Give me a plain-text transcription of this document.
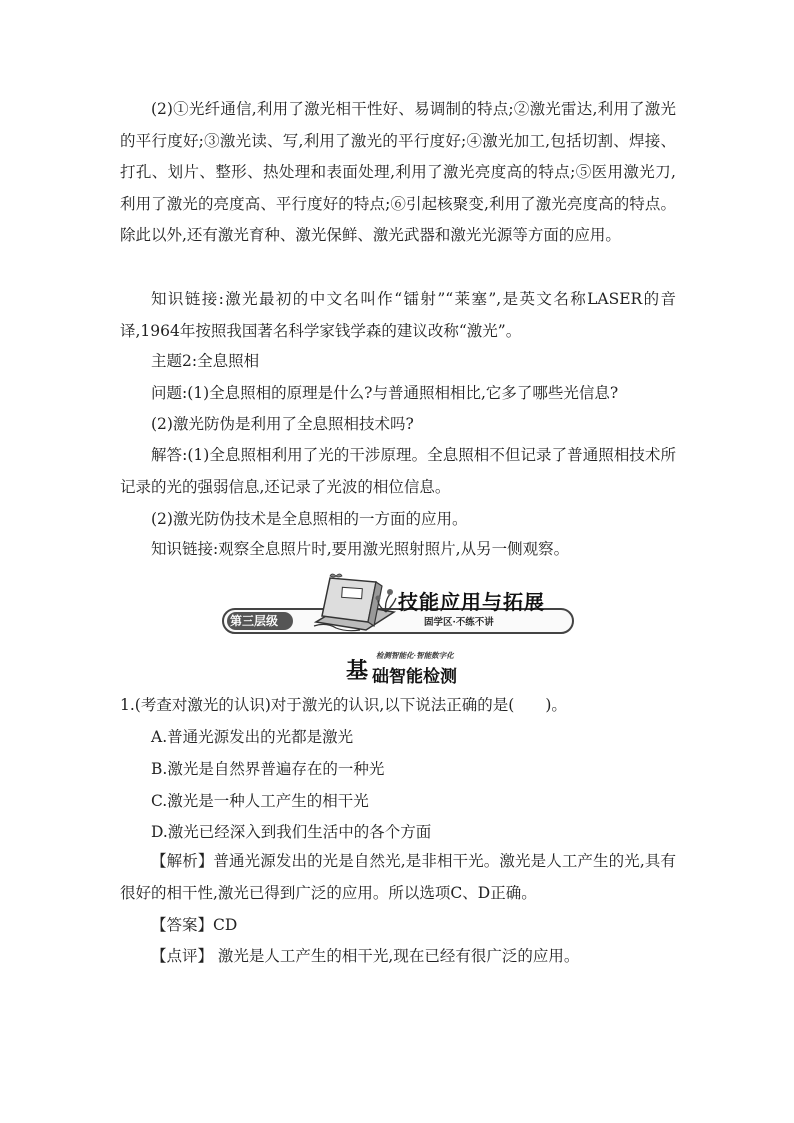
(2)①光纤通信,利用了激光相干性好、易调制的特点;②激光雷达,利用了激光的平行度好;③激光读、写,利用了激光的平行度好;④激光加工,包括切割、焊接、打孔、划片、整形、热处理和表面处理,利用了激光亮度高的特点;⑤医用激光刀,利用了激光的亮度高、平行度好的特点;⑥引起核聚变,利用了激光亮度高的特点。除此以外,还有激光育种、激光保鲜、激光武器和激光光源等方面的应用。

知识链接:激光最初的中文名叫作“镭射”“莱塞”,是英文名称LASER的音译,1964年按照我国著名科学家钱学森的建议改称“激光”。

主题2:全息照相
问题:(1)全息照相的原理是什么?与普通照相相比,它多了哪些光信息?
(2)激光防伪是利用了全息照相技术吗?

解答:(1)全息照相利用了光的干涉原理。全息照相不但记录了普通照相技术所记录的光的强弱信息,还记录了光波的相位信息。

(2)激光防伪技术是全息照相的一方面的应用。
知识链接:观察全息照片时,要用激光照射照片,从另一侧观察。
第三层级
技能应用与拓展
固学区·不练不讲
检测智能化·智能数字化
基 础智能检测
1.(考查对激光的认识)对于激光的认识,以下说法正确的是(　　)。
A.普通光源发出的光都是激光
B.激光是自然界普遍存在的一种光
C.激光是一种人工产生的相干光
D.激光已经深入到我们生活中的各个方面

【解析】普通光源发出的光是自然光,是非相干光。激光是人工产生的光,具有很好的相干性,激光已得到广泛的应用。所以选项C、D正确。

【答案】CD
【点评】 激光是人工产生的相干光,现在已经有很广泛的应用。
